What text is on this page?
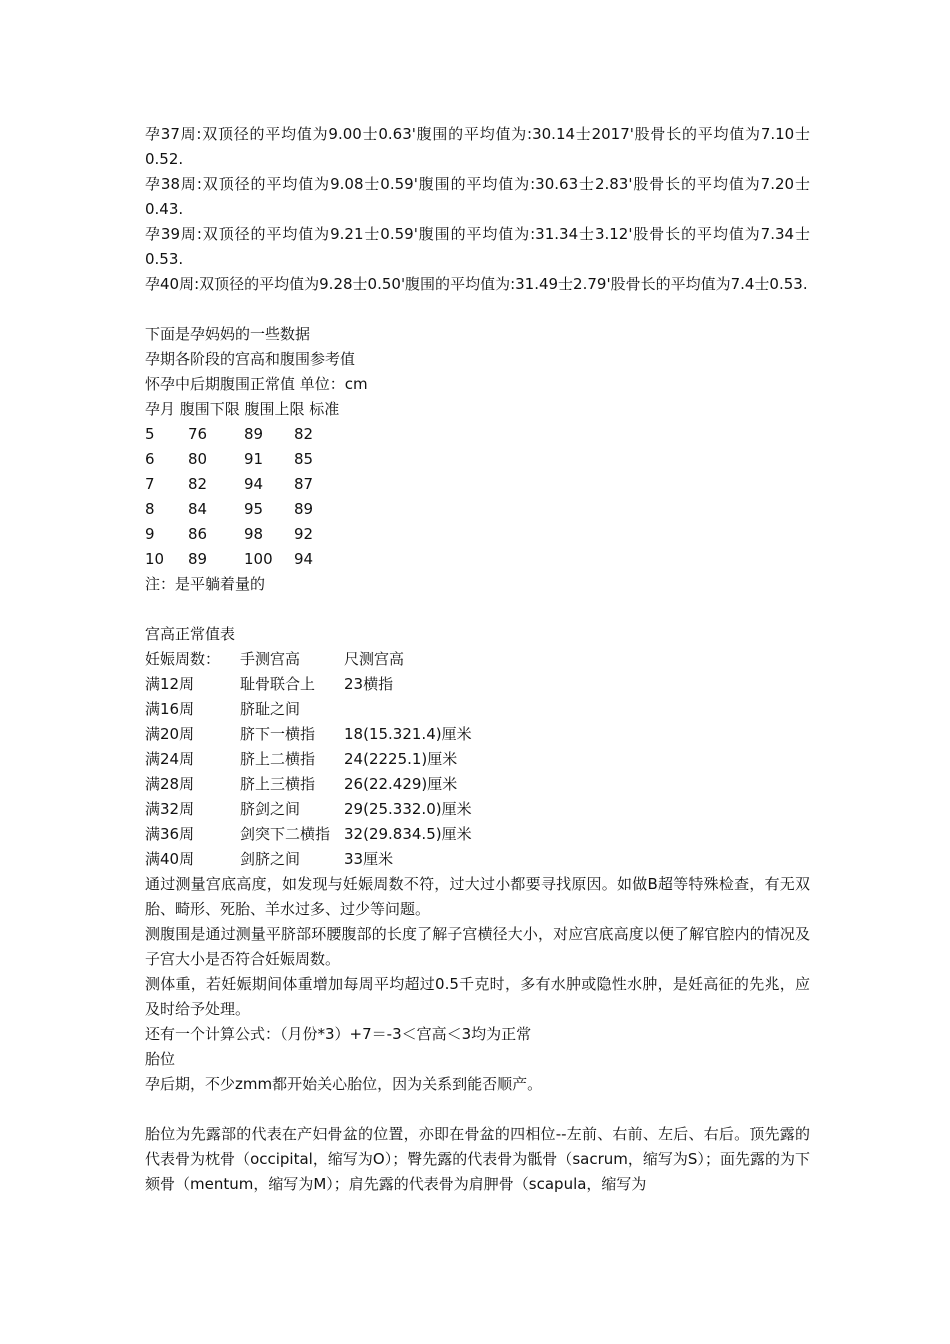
孕37周:双顶径的平均值为9.00士0.63'腹围的平均值为:30.14士2017'股骨长的平均值为7.10士0.52.
孕38周:双顶径的平均值为9.08士0.59'腹围的平均值为:30.63士2.83'股骨长的平均值为7.20士0.43.
孕39周:双顶径的平均值为9.21士0.59'腹围的平均值为:31.34士3.12'股骨长的平均值为7.34士0.53.
孕40周:双顶径的平均值为9.28士0.50'腹围的平均值为:31.49士2.79'股骨长的平均值为7.4士0.53.
下面是孕妈妈的一些数据
孕期各阶段的宫高和腹围参考值
怀孕中后期腹围正常值 单位：cm
孕月 腹围下限 腹围上限 标准
5	76	89	82
6	80	91	85
7	82	94	87
8	84	95	89
9	86	98	92
10	89	100	94
注：是平躺着量的
宫高正常值表
妊娠周数：	手测宫高	尺测宫高
满12周	耻骨联合上	23横指
满16周	脐耻之间
满20周	脐下一横指	18(15.321.4)厘米
满24周	脐上二横指	24(2225.1)厘米
满28周	脐上三横指	26(22.429)厘米
满32周	脐剑之间	29(25.332.0)厘米
满36周	剑突下二横指 32(29.834.5)厘米
满40周	剑脐之间	33厘米
通过测量宫底高度，如发现与妊娠周数不符，过大过小都要寻找原因。如做B超等特殊检查，有无双胎、畸形、死胎、羊水过多、过少等问题。
测腹围是通过测量平脐部环腰腹部的长度了解子宫横径大小，对应宫底高度以便了解官腔内的情况及子宫大小是否符合妊娠周数。
测体重，若妊娠期间体重增加每周平均超过0.5千克时，多有水肿或隐性水肿，是妊高征的先兆，应及时给予处理。
还有一个计算公式：（月份*3）+7＝-3＜宫高＜3均为正常
胎位
孕后期，不少zmm都开始关心胎位，因为关系到能否顺产。
胎位为先露部的代表在产妇骨盆的位置，亦即在骨盆的四相位--左前、右前、左后、右后。顶先露的代表骨为枕骨（occipital，缩写为O）；臀先露的代表骨为骶骨（sacrum，缩写为S）；面先露的为下颏骨（mentum，缩写为M）；肩先露的代表骨为肩胛骨（scapula，缩写为
